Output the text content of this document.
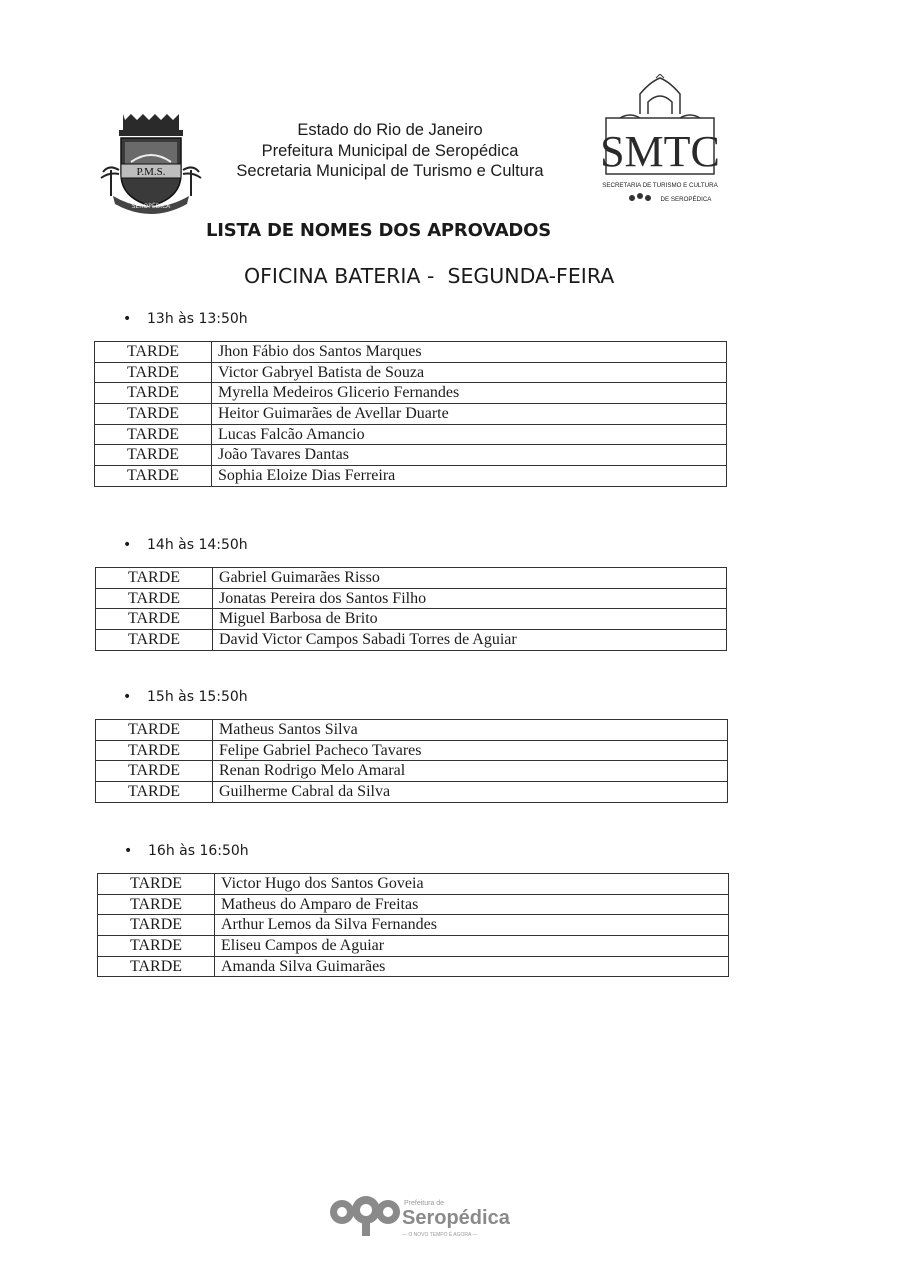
P.M.S.
SEROPÉDICA
Estado do Rio de Janeiro
Prefeitura Municipal de Seropédica
Secretaria Municipal de Turismo e Cultura	SMTC
SECRETARIA DE TURISMO E CULTURA
DE SEROPÉDICA
LISTA DE NOMES DOS APROVADOS
OFICINA BATERIA -  SEGUNDA-FEIRA
• 13h às 13:50h
TARDE	Jhon Fábio dos Santos Marques
TARDE	Victor Gabryel Batista de Souza
TARDE	Myrella Medeiros Glicerio Fernandes
TARDE	Heitor Guimarães de Avellar Duarte
TARDE	Lucas Falcão Amancio
TARDE	João Tavares Dantas
TARDE	Sophia Eloize Dias Ferreira
• 14h às 14:50h
TARDE	Gabriel Guimarães Risso
TARDE	Jonatas Pereira dos Santos Filho
TARDE	Miguel Barbosa de Brito
TARDE	David Victor Campos Sabadi Torres de Aguiar
• 15h às 15:50h
TARDE	Matheus Santos Silva
TARDE	Felipe Gabriel Pacheco Tavares
TARDE	Renan Rodrigo Melo Amaral
TARDE	Guilherme Cabral da Silva
• 16h às 16:50h
TARDE	Victor Hugo dos Santos Goveia
TARDE	Matheus do Amparo de Freitas
TARDE	Arthur Lemos da Silva Fernandes
TARDE	Eliseu Campos de Aguiar
TARDE	Amanda Silva Guimarães
Prefeitura de
Seropédica
— O NOVO TEMPO É AGORA —
